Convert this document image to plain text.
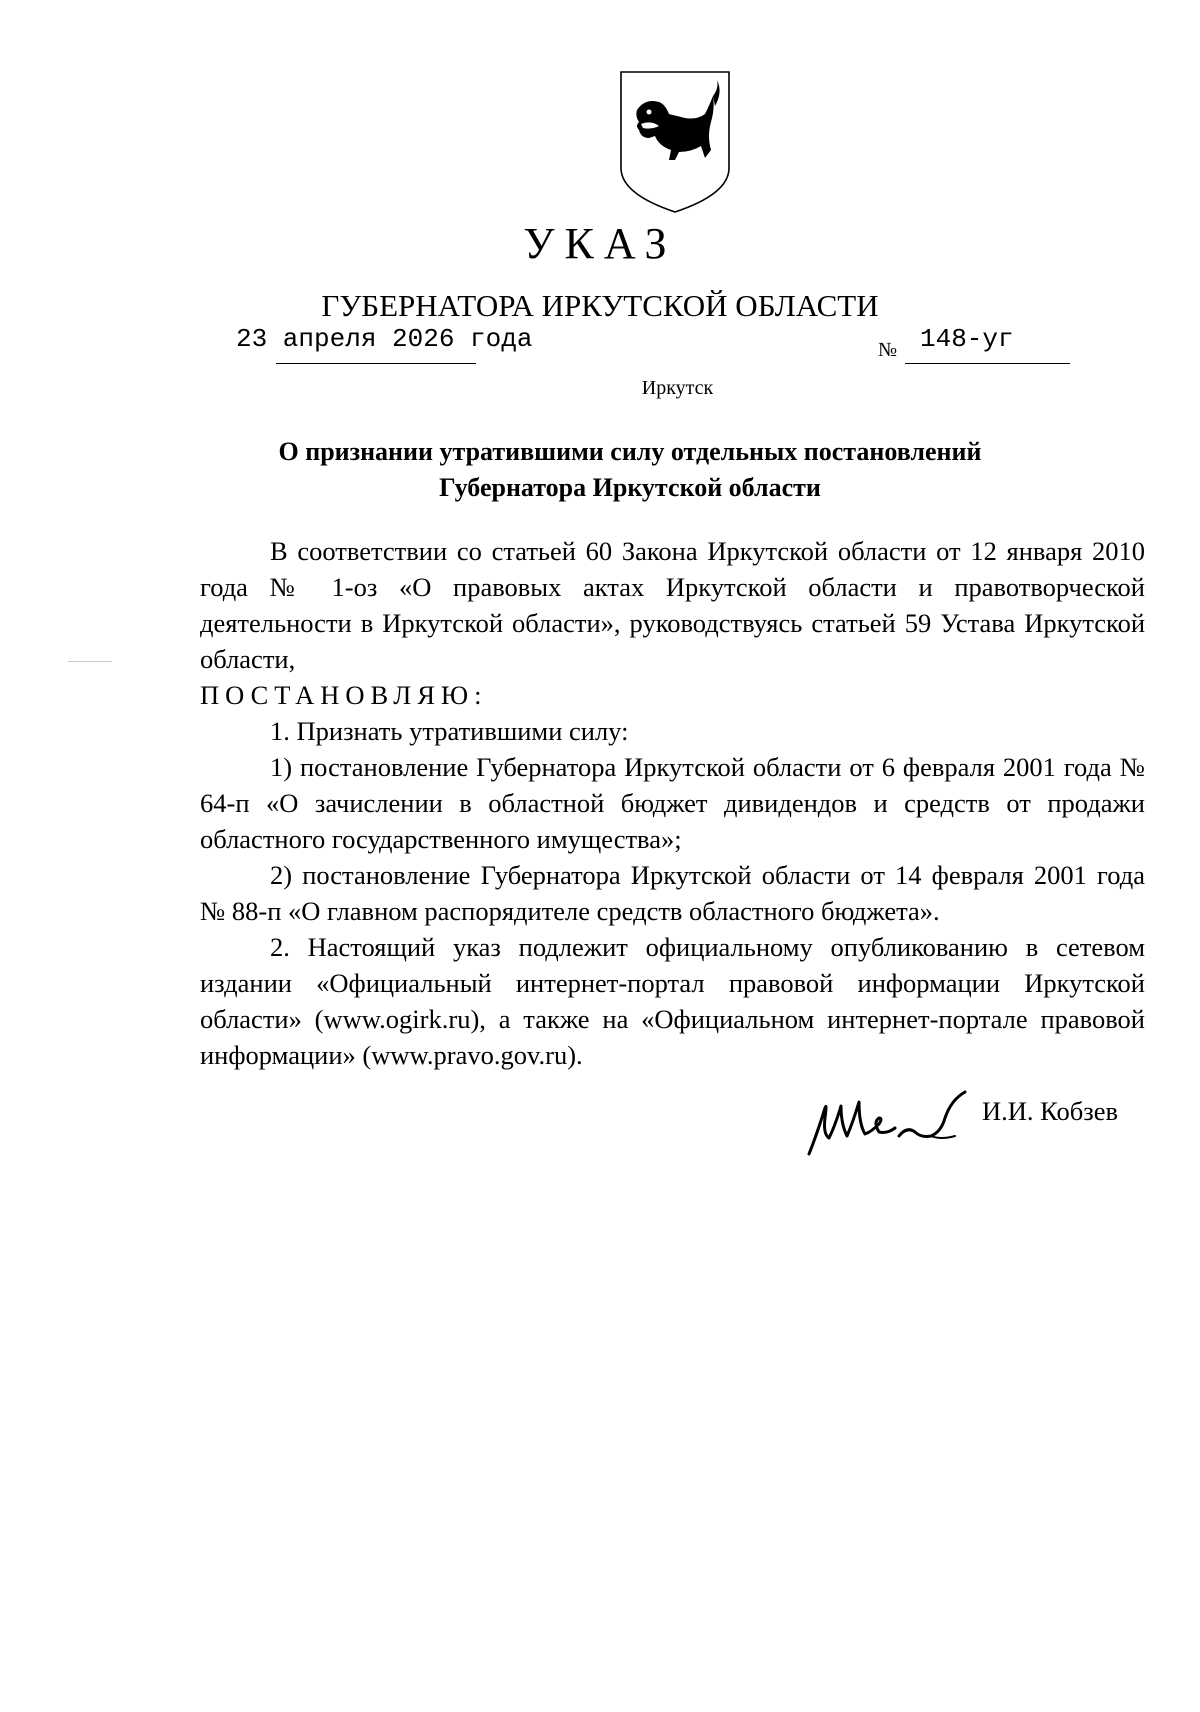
УКАЗ
ГУБЕРНАТОРА ИРКУТСКОЙ ОБЛАСТИ
23 апреля 2026 года	№ 148-уг
Иркутск
О признании утратившими силу отдельных постановлений
Губернатора Иркутской области

В соответствии со статьей 60 Закона Иркутской области от 12 января 2010 года № 1-оз «О правовых актах Иркутской области и правотворческой деятельности в Иркутской области», руководствуясь статьей 59 Устава Иркутской области,

ПОСТАНОВЛЯЮ:

1. Признать утратившими силу:

1) постановление Губернатора Иркутской области от 6 февраля 2001 года № 64-п «О зачислении в областной бюджет дивидендов и средств от продажи областного государственного имущества»;

2) постановление Губернатора Иркутской области от 14 февраля 2001 года № 88-п «О главном распорядителе средств областного бюджета».

2. Настоящий указ подлежит официальному опубликованию в сетевом издании «Официальный интернет-портал правовой информации Иркутской области» (www.ogirk.ru), а также на «Официальном интернет-портале правовой информации» (www.pravo.gov.ru).

И.И. Кобзев
